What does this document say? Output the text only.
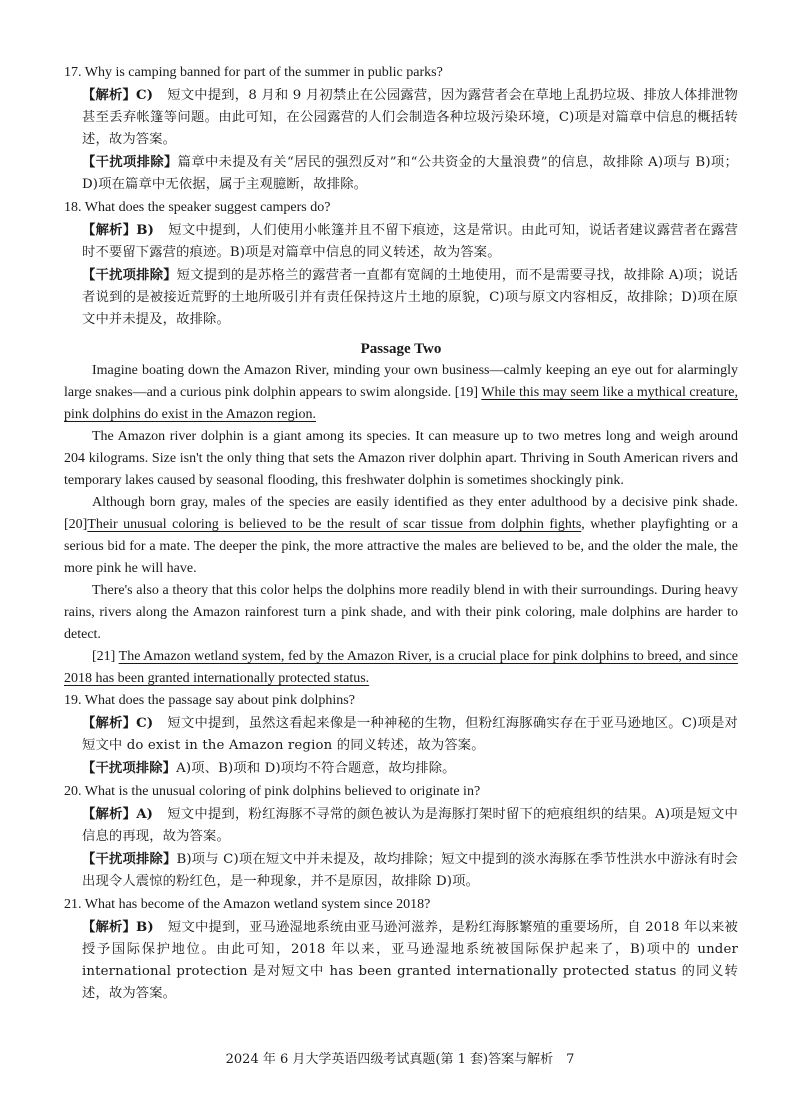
17. Why is camping banned for part of the summer in public parks?

【解析】C) 短文中提到，8 月和 9 月初禁止在公园露营，因为露营者会在草地上乱扔垃圾、排放人体排泄物甚至丢弃帐篷等问题。由此可知，在公园露营的人们会制造各种垃圾污染环境，C)项是对篇章中信息的概括转述，故为答案。

【干扰项排除】篇章中未提及有关“居民的强烈反对”和“公共资金的大量浪费”的信息，故排除 A)项与 B)项；D)项在篇章中无依据，属于主观臆断，故排除。

18. What does the speaker suggest campers do?

【解析】B) 短文中提到，人们使用小帐篷并且不留下痕迹，这是常识。由此可知，说话者建议露营者在露营时不要留下露营的痕迹。B)项是对篇章中信息的同义转述，故为答案。

【干扰项排除】短文提到的是苏格兰的露营者一直都有宽阔的土地使用，而不是需要寻找，故排除 A)项；说话者说到的是被接近荒野的土地所吸引并有责任保持这片土地的原貌，C)项与原文内容相反，故排除；D)项在原文中并未提及，故排除。

Passage Two

Imagine boating down the Amazon River, minding your own business—calmly keeping an eye out for alarmingly large snakes—and a curious pink dolphin appears to swim alongside. [19] While this may seem like a mythical creature, pink dolphins do exist in the Amazon region.

The Amazon river dolphin is a giant among its species. It can measure up to two metres long and weigh around 204 kilograms. Size isn't the only thing that sets the Amazon river dolphin apart. Thriving in South American rivers and temporary lakes caused by seasonal flooding, this freshwater dolphin is sometimes shockingly pink.

Although born gray, males of the species are easily identified as they enter adulthood by a decisive pink shade. [20]Their unusual coloring is believed to be the result of scar tissue from dolphin fights, whether playfighting or a serious bid for a mate. The deeper the pink, the more attractive the males are believed to be, and the older the male, the more pink he will have.

There's also a theory that this color helps the dolphins more readily blend in with their surroundings. During heavy rains, rivers along the Amazon rainforest turn a pink shade, and with their pink coloring, male dolphins are harder to detect.

[21] The Amazon wetland system, fed by the Amazon River, is a crucial place for pink dolphins to breed, and since 2018 has been granted internationally protected status.

19. What does the passage say about pink dolphins?

【解析】C) 短文中提到，虽然这看起来像是一种神秘的生物，但粉红海豚确实存在于亚马逊地区。C)项是对短文中 do exist in the Amazon region 的同义转述，故为答案。

【干扰项排除】A)项、B)项和 D)项均不符合题意，故均排除。

20. What is the unusual coloring of pink dolphins believed to originate in?

【解析】A) 短文中提到，粉红海豚不寻常的颜色被认为是海豚打架时留下的疤痕组织的结果。A)项是短文中信息的再现，故为答案。

【干扰项排除】B)项与 C)项在短文中并未提及，故均排除；短文中提到的淡水海豚在季节性洪水中游泳有时会出现令人震惊的粉红色，是一种现象，并不是原因，故排除 D)项。

21. What has become of the Amazon wetland system since 2018?

【解析】B) 短文中提到，亚马逊湿地系统由亚马逊河滋养，是粉红海豚繁殖的重要场所，自 2018 年以来被授予国际保护地位。由此可知，2018 年以来，亚马逊湿地系统被国际保护起来了，B)项中的 under international protection 是对短文中 has been granted internationally protected status 的同义转述，故为答案。

2024 年 6 月大学英语四级考试真题(第 1 套)答案与解析　7
